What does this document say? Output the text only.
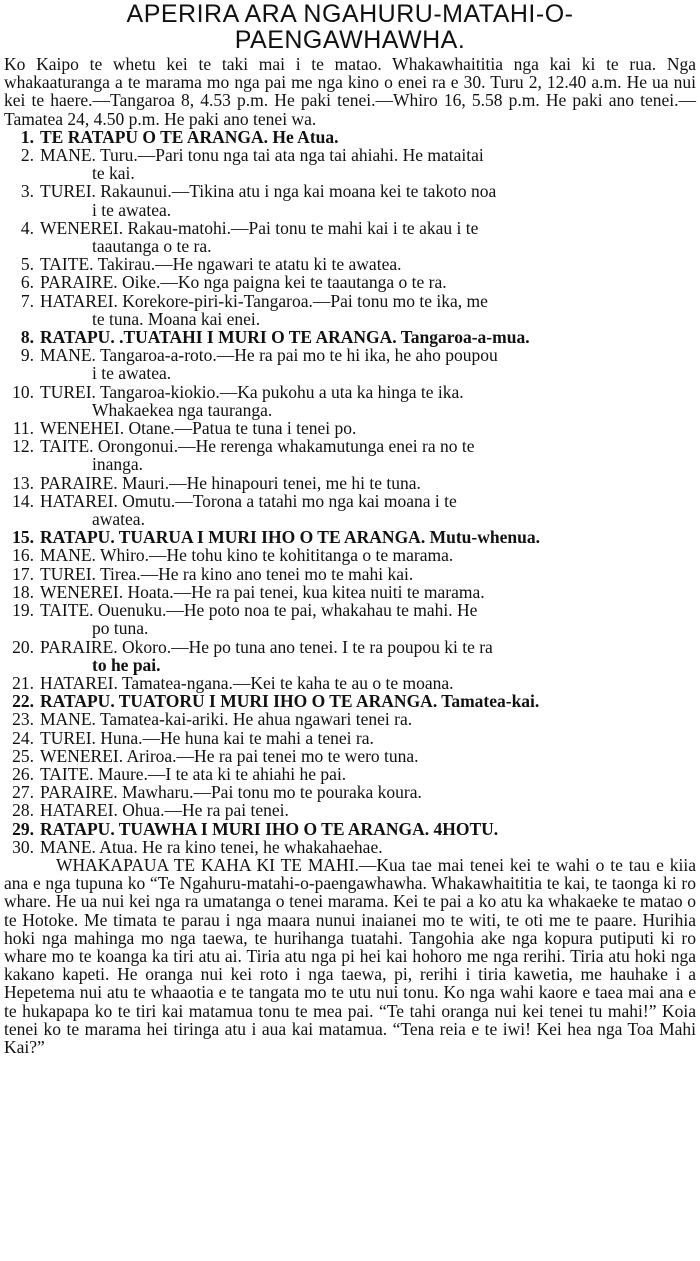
APERIRA ARA NGAHURU-MATAHI-O-
PAENGAWHAWHA.

Ko Kaipo te whetu kei te taki mai i te matao. Whakawhaititia nga kai ki te rua. Nga whakaaturanga a te marama mo nga pai me nga kino o enei ra e 30. Turu 2, 12.40 a.m. He ua nui kei te haere.—Tangaroa 8, 4.53 p.m. He paki tenei.—Whiro 16, 5.58 p.m. He paki ano tenei.—Tamatea 24, 4.50 p.m. He paki ano tenei wa.

1. TE RATAPU O TE ARANGA. He Atua.
2. MANE. Turu.—Pari tonu nga tai ata nga tai ahiahi. He mataitai
te kai.
3. TUREI. Rakaunui.—Tikina atu i nga kai moana kei te takoto noa
i te awatea.
4. WENEREI. Rakau-matohi.—Pai tonu te mahi kai i te akau i te
taautanga o te ra.
5. TAITE. Takirau.—He ngawari te atatu ki te awatea.
6. PARAIRE. Oike.—Ko nga paigna kei te taautanga o te ra.
7. HATAREI. Korekore-piri-ki-Tangaroa.—Pai tonu mo te ika, me
te tuna. Moana kai enei.
8. RATAPU. .TUATAHI I MURI O TE ARANGA. Tangaroa-a-mua.
9. MANE. Tangaroa-a-roto.—He ra pai mo te hi ika, he aho poupou
i te awatea.
10. TUREI. Tangaroa-kiokio.—Ka pukohu a uta ka hinga te ika.
Whakaekea nga tauranga.
11. WENEHEI. Otane.—Patua te tuna i tenei po.
12. TAITE. Orongonui.—He rerenga whakamutunga enei ra no te
inanga.
13. PARAIRE. Mauri.—He hinapouri tenei, me hi te tuna.
14. HATAREI. Omutu.—Torona a tatahi mo nga kai moana i te
awatea.
15. RATAPU. TUARUA I MURI IHO O TE ARANGA. Mutu-whenua.
16. MANE. Whiro.—He tohu kino te kohititanga o te marama.
17. TUREI. Tirea.—He ra kino ano tenei mo te mahi kai.
18. WENEREI. Hoata.—He ra pai tenei, kua kitea nuiti te marama.
19. TAITE. Ouenuku.—He poto noa te pai, whakahau te mahi. He
po tuna.
20. PARAIRE. Okoro.—He po tuna ano tenei. I te ra poupou ki te ra
to he pai.
21. HATAREI. Tamatea-ngana.—Kei te kaha te au o te moana.
22. RATAPU. TUATORU I MURI IHO O TE ARANGA. Tamatea-kai.
23. MANE. Tamatea-kai-ariki. He ahua ngawari tenei ra.
24. TUREI. Huna.—He huna kai te mahi a tenei ra.
25. WENEREI. Ariroa.—He ra pai tenei mo te wero tuna.
26. TAITE. Maure.—I te ata ki te ahiahi he pai.
27. PARAIRE. Mawharu.—Pai tonu mo te pouraka koura.
28. HATAREI. Ohua.—He ra pai tenei.
29. RATAPU. TUAWHA I MURI IHO O TE ARANGA. 4HOTU.
30. MANE. Atua. He ra kino tenei, he whakahaehae.

WHAKAPAUA TE KAHA KI TE MAHI.—Kua tae mai tenei kei te wahi o te tau e kiia ana e nga tupuna ko “Te Ngahuru-matahi-o-paengawhawha. Whakawhaititia te kai, te taonga ki ro whare. He ua nui kei nga ra umatanga o tenei marama. Kei te pai a ko atu ka whakaeke te matao o te Hotoke. Me timata te parau i nga maara nunui inaianei mo te witi, te oti me te paare. Hurihia hoki nga mahinga mo nga taewa, te hurihanga tuatahi. Tangohia ake nga kopura putiputi ki ro whare mo te koanga ka tiri atu ai. Tiria atu nga pi hei kai hohoro me nga rerihi. Tiria atu hoki nga kakano kapeti. He oranga nui kei roto i nga taewa, pi, rerihi i tiria kawetia, me hauhake i a Hepetema nui atu te whaaotia e te tangata mo te utu nui tonu. Ko nga wahi kaore e taea mai ana e te hukapapa ko te tiri kai matamua tonu te mea pai. “Te tahi oranga nui kei tenei tu mahi!” Koia tenei ko te marama hei tiringa atu i aua kai matamua. “Tena reia e te iwi! Kei hea nga Toa Mahi Kai?”
